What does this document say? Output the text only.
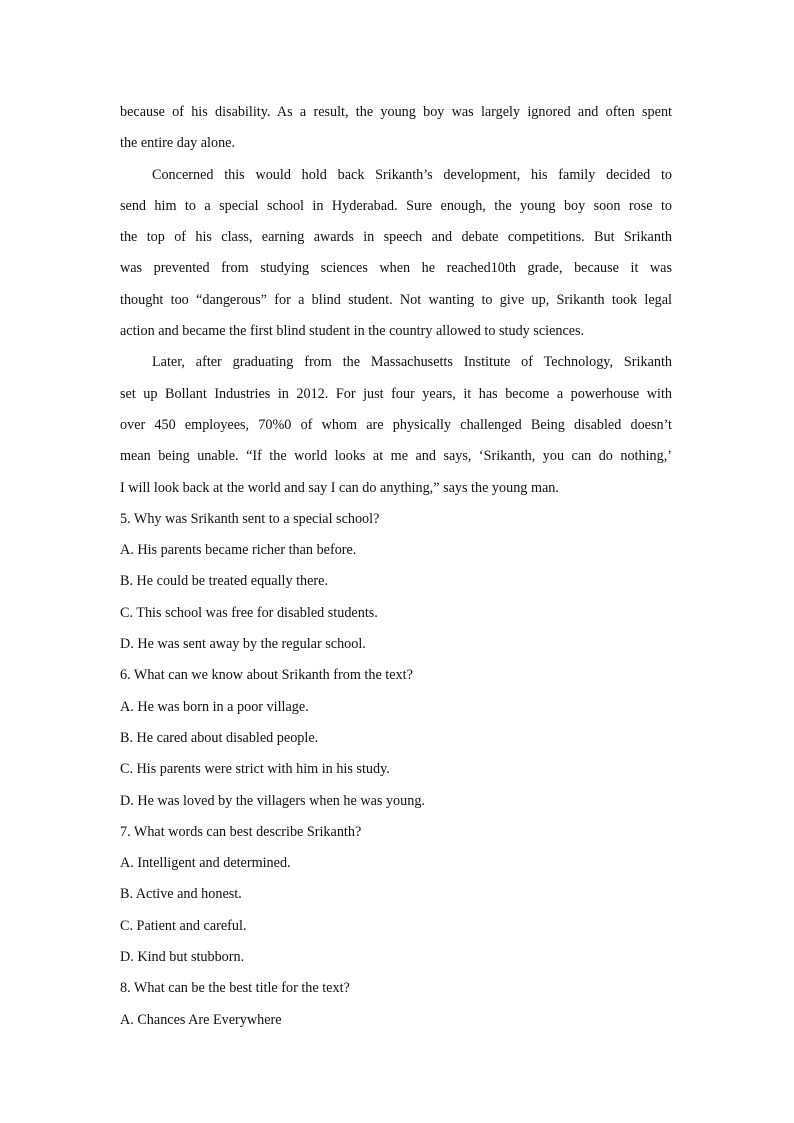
because of his disability. As a result, the young boy was largely ignored and often spent
the entire day alone.
Concerned this would hold back Srikanth’s development, his family decided to
send him to a special school in Hyderabad. Sure enough, the young boy soon rose to
the top of his class, earning awards in speech and debate competitions. But Srikanth
was prevented from studying sciences when he reached10th grade, because it was
thought too “dangerous” for a blind student. Not wanting to give up, Srikanth took legal
action and became the first blind student in the country allowed to study sciences.
Later, after graduating from the Massachusetts Institute of Technology, Srikanth
set up Bollant Industries in 2012. For just four years, it has become a powerhouse with
over 450 employees, 70%0 of whom are physically challenged Being disabled doesn’t
mean being unable. “If the world looks at me and says, ‘Srikanth, you can do nothing,’
I will look back at the world and say I can do anything,” says the young man.
5. Why was Srikanth sent to a special school?
A. His parents became richer than before.
B. He could be treated equally there.
C. This school was free for disabled students.
D. He was sent away by the regular school.
6. What can we know about Srikanth from the text?
A. He was born in a poor village.
B. He cared about disabled people.
C. His parents were strict with him in his study.
D. He was loved by the villagers when he was young.
7. What words can best describe Srikanth?
A. Intelligent and determined.
B. Active and honest.
C. Patient and careful.
D. Kind but stubborn.
8. What can be the best title for the text?
A. Chances Are Everywhere
